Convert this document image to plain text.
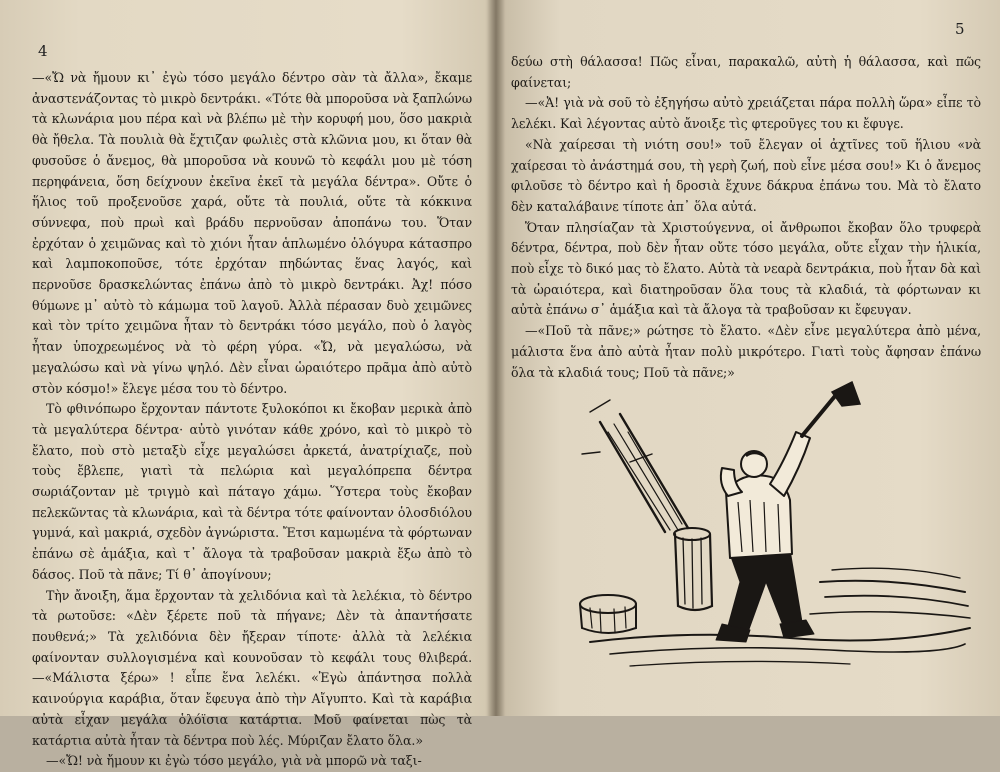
4

—«Ὤ νὰ ἤμουν κι᾿ ἐγὼ τόσο μεγάλο δέντρο σὰν τὰ ἄλλα», ἔκαμε ἀναστενάζοντας τὸ μικρὸ δεντράκι. «Τότε θὰ μποροῦσα νὰ ξαπλώνω τὰ κλωνάρια μου πέρα καὶ νὰ βλέπω μὲ τὴν κορυφή μου, ὅσο μακριὰ θὰ ἤθελα. Τὰ πουλιὰ θὰ ἔχτιζαν φωλιὲς στὰ κλῶνια μου, κι ὅταν θὰ φυσοῦσε ὁ ἄνεμος, θὰ μποροῦσα νὰ κουνῶ τὸ κεφάλι μου μὲ τόση περηφάνεια, ὅση δείχνουν ἐκεῖνα ἐκεῖ τὰ μεγάλα δέντρα». Οὔτε ὁ ἥλιος τοῦ προξενοῦσε χαρά, οὔτε τὰ πουλιά, οὔτε τὰ κόκκινα σύννεφα, ποὺ πρωὶ καὶ βράδυ περνοῦσαν ἀποπάνω του. Ὅταν ἐρχόταν ὁ χειμῶνας καὶ τὸ χιόνι ἦταν ἁπλωμένο ὁλόγυρα κάτασπρο καὶ λαμποκοποῦσε, τότε ἐρχόταν πηδώντας ἕνας λαγός, καὶ περνοῦσε δρασκελώντας ἐπάνω ἀπὸ τὸ μικρὸ δεντράκι. Ἀχ! πόσο θύμωνε μ᾿ αὐτὸ τὸ κάμωμα τοῦ λαγοῦ. Ἀλλὰ πέρασαν δυὸ χειμῶνες καὶ τὸν τρίτο χειμῶνα ἦταν τὸ δεντράκι τόσο μεγάλο, ποὺ ὁ λαγὸς ἦταν ὑποχρεωμένος νὰ τὸ φέρη γύρα. «Ὤ, νὰ μεγαλώσω, νὰ μεγαλώσω καὶ νὰ γίνω ψηλό. Δὲν εἶναι ὡραιότερο πρᾶμα ἀπὸ αὐτὸ στὸν κόσμο!» ἔλεγε μέσα του τὸ δέντρο.

Τὸ φθινόπωρο ἔρχονταν πάντοτε ξυλοκόποι κι ἔκοβαν μερικὰ ἀπὸ τὰ μεγαλύτερα δέντρα· αὐτὸ γινόταν κάθε χρόνο, καὶ τὸ μικρὸ τὸ ἔλατο, ποὺ στὸ μεταξὺ εἶχε μεγαλώσει ἀρκετά, ἀνατρίχιαζε, ποὺ τοὺς ἔβλεπε, γιατὶ τὰ πελώρια καὶ μεγαλόπρεπα δέντρα σωριάζονταν μὲ τριγμὸ καὶ πάταγο χάμω. Ὕστερα τοὺς ἔκοβαν πελεκῶντας τὰ κλωνάρια, καὶ τὰ δέντρα τότε φαίνονταν ὁλοσδιόλου γυμνά, καὶ μακριά, σχεδὸν ἀγνώριστα. Ἔτσι καμωμένα τὰ φόρτωναν ἐπάνω σὲ ἁμάξια, καὶ τ᾿ ἄλογα τὰ τραβοῦσαν μακριὰ ἔξω ἀπὸ τὸ δάσος. Ποῦ τὰ πᾶνε; Τί θ᾿ ἀπογίνουν;

Τὴν ἄνοιξη, ἅμα ἔρχονταν τὰ χελιδόνια καὶ τὰ λελέκια, τὸ δέντρο τὰ ρωτοῦσε: «Δὲν ξέρετε ποῦ τὰ πήγανε; Δὲν τὰ ἀπαντήσατε πουθενά;» Τὰ χελιδόνια δὲν ἤξεραν τίποτε· ἀλλὰ τὰ λελέκια φαίνονταν συλλογισμένα καὶ κουνοῦσαν τὸ κεφάλι τους θλιβερά. —«Μάλιστα ξέρω» ! εἶπε ἕνα λελέκι. «Ἐγὼ ἀπάντησα πολλὰ καινούργια καράβια, ὅταν ἔφευγα ἀπὸ τὴν Αἴγυπτο. Καὶ τὰ καράβια αὐτὰ εἶχαν μεγάλα ὁλόϊσια κατάρτια. Μοῦ φαίνεται πὼς τὰ κατάρτια αὐτὰ ἦταν τὰ δέντρα ποὺ λές. Μύριζαν ἔλατο ὅλα.»

—«Ὤ! νὰ ἤμουν κι ἐγὼ τόσο μεγάλο, γιὰ νὰ μπορῶ νὰ ταξι-

5

δεύω στὴ θάλασσα! Πῶς εἶναι, παρακαλῶ, αὐτὴ ἡ θάλασσα, καὶ πῶς φαίνεται;

—«Ἀ! γιὰ νὰ σοῦ τὸ ἐξηγήσω αὐτὸ χρειάζεται πάρα πολλὴ ὥρα» εἶπε τὸ λελέκι. Καὶ λέγοντας αὐτὸ ἄνοιξε τὶς φτεροῦγες του κι ἔφυγε.

«Νὰ χαίρεσαι τὴ νιότη σου!» τοῦ ἔλεγαν οἱ ἀχτῖνες τοῦ ἥλιου «νὰ χαίρεσαι τὸ ἀνάστημά σου, τὴ γερὴ ζωή, ποὺ εἶνε μέσα σου!» Κι ὁ ἄνεμος φιλοῦσε τὸ δέντρο καὶ ἡ δροσιὰ ἔχυνε δάκρυα ἐπάνω του. Μὰ τὸ ἔλατο δὲν καταλάβαινε τίποτε ἀπ᾿ ὅλα αὐτά.

Ὅταν πλησίαζαν τὰ Χριστούγεννα, οἱ ἄνθρωποι ἔκοβαν ὅλο τρυφερὰ δέντρα, δέντρα, ποὺ δὲν ἦταν οὔτε τόσο μεγάλα, οὔτε εἶχαν τὴν ἡλικία, ποὺ εἶχε τὸ δικό μας τὸ ἔλατο. Αὐτὰ τὰ νεαρὰ δεντράκια, ποὺ ἦταν δὰ καὶ τὰ ὡραιότερα, καὶ διατηροῦσαν ὅλα τους τὰ κλαδιά, τὰ φόρτωναν κι αὐτὰ ἐπάνω σ᾿ ἁμάξια καὶ τὰ ἄλογα τὰ τραβοῦσαν κι ἔφευγαν.

—«Ποῦ τὰ πᾶνε;» ρώτησε τὸ ἔλατο. «Δὲν εἶνε μεγαλύτερα ἀπὸ μένα, μάλιστα ἕνα ἀπὸ αὐτὰ ἦταν πολὺ μικρότερο. Γιατὶ τοὺς ἄφησαν ἐπάνω ὅλα τὰ κλαδιά τους; Ποῦ τὰ πᾶνε;»
